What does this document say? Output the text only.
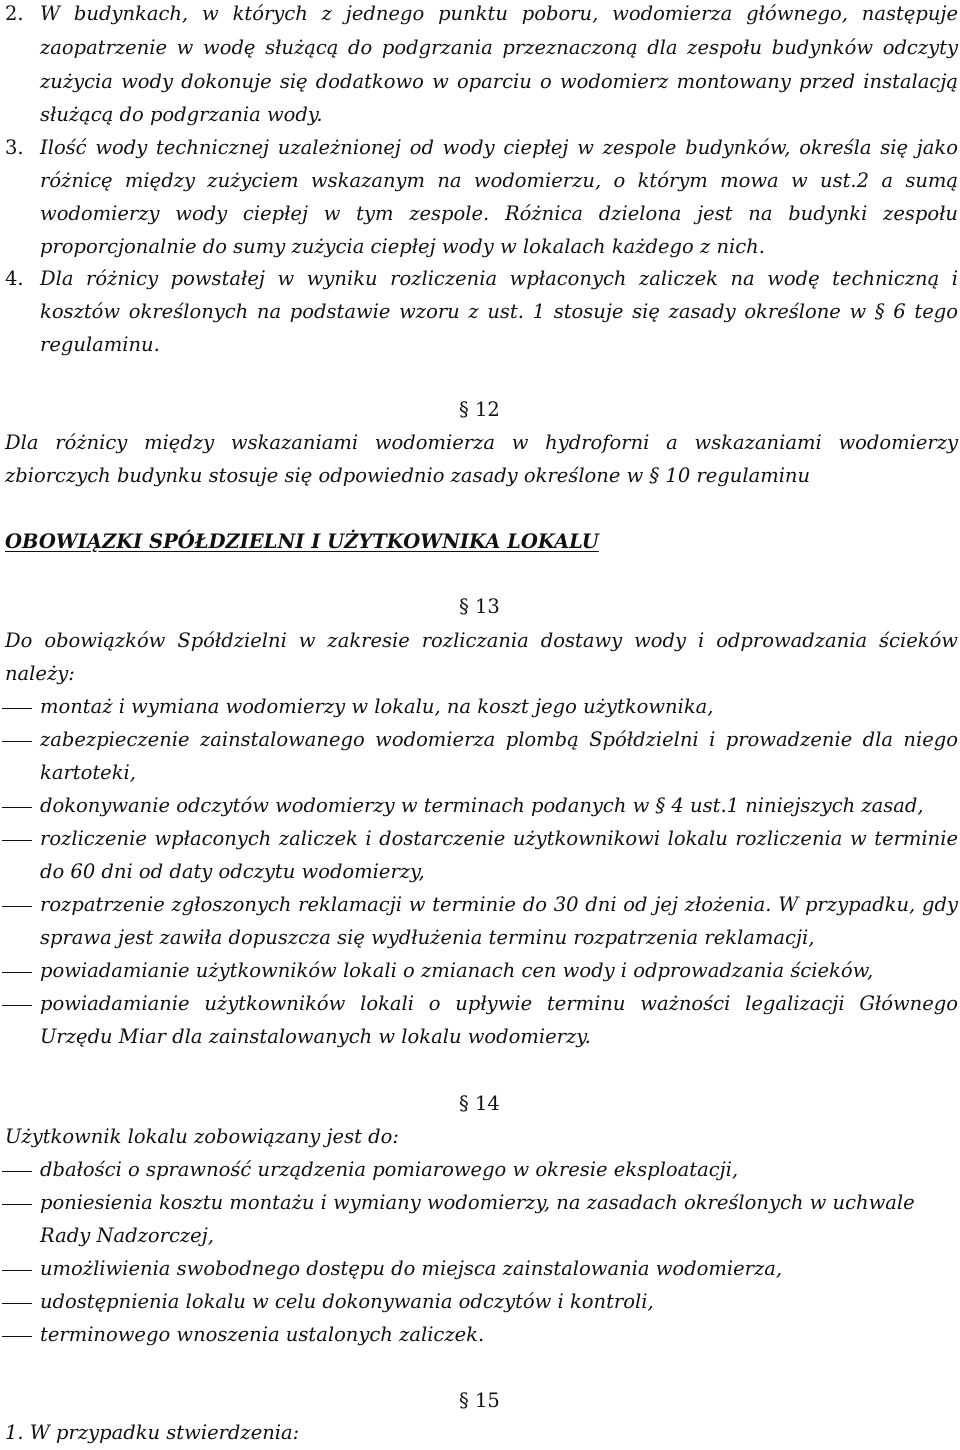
2. W budynkach, w których z jednego punktu poboru, wodomierza głównego, następuje
zaopatrzenie w wodę służącą do podgrzania przeznaczoną dla zespołu budynków odczyty
zużycia wody dokonuje się dodatkowo w oparciu o wodomierz montowany przed instalacją
służącą do podgrzania wody.
3. Ilość wody technicznej uzależnionej od wody ciepłej w zespole budynków, określa się jako
różnicę między zużyciem wskazanym na wodomierzu, o którym mowa w ust.2 a sumą
wodomierzy wody ciepłej w tym zespole. Różnica dzielona jest na budynki zespołu
proporcjonalnie do sumy zużycia ciepłej wody w lokalach każdego z nich.
4. Dla różnicy powstałej w wyniku rozliczenia wpłaconych zaliczek na wodę techniczną i
kosztów określonych na podstawie wzoru z ust. 1 stosuje się zasady określone w § 6 tego
regulaminu.
§ 12
Dla różnicy między wskazaniami wodomierza w hydroforni a wskazaniami wodomierzy
zbiorczych budynku stosuje się odpowiednio zasady określone w § 10 regulaminu
OBOWIĄZKI SPÓŁDZIELNI I UŻYTKOWNIKA LOKALU
§ 13
Do obowiązków Spółdzielni w zakresie rozliczania dostawy wody i odprowadzania ścieków
należy:
montaż i wymiana wodomierzy w lokalu, na koszt jego użytkownika,
zabezpieczenie zainstalowanego wodomierza plombą Spółdzielni i prowadzenie dla niego
kartoteki,
dokonywanie odczytów wodomierzy w terminach podanych w § 4 ust.1 niniejszych zasad,
rozliczenie wpłaconych zaliczek i dostarczenie użytkownikowi lokalu rozliczenia w terminie
do 60 dni od daty odczytu wodomierzy,
rozpatrzenie zgłoszonych reklamacji w terminie do 30 dni od jej złożenia. W przypadku, gdy
sprawa jest zawiła dopuszcza się wydłużenia terminu rozpatrzenia reklamacji,
powiadamianie użytkowników lokali o zmianach cen wody i odprowadzania ścieków,
powiadamianie użytkowników lokali o upływie terminu ważności legalizacji Głównego
Urzędu Miar dla zainstalowanych w lokalu wodomierzy.
§ 14
Użytkownik lokalu zobowiązany jest do:
dbałości o sprawność urządzenia pomiarowego w okresie eksploatacji,
poniesienia kosztu montażu i wymiany wodomierzy, na zasadach określonych w uchwale
Rady Nadzorczej,
umożliwienia swobodnego dostępu do miejsca zainstalowania wodomierza,
udostępnienia lokalu w celu dokonywania odczytów i kontroli,
terminowego wnoszenia ustalonych zaliczek.
§ 15
1. W przypadku stwierdzenia:
